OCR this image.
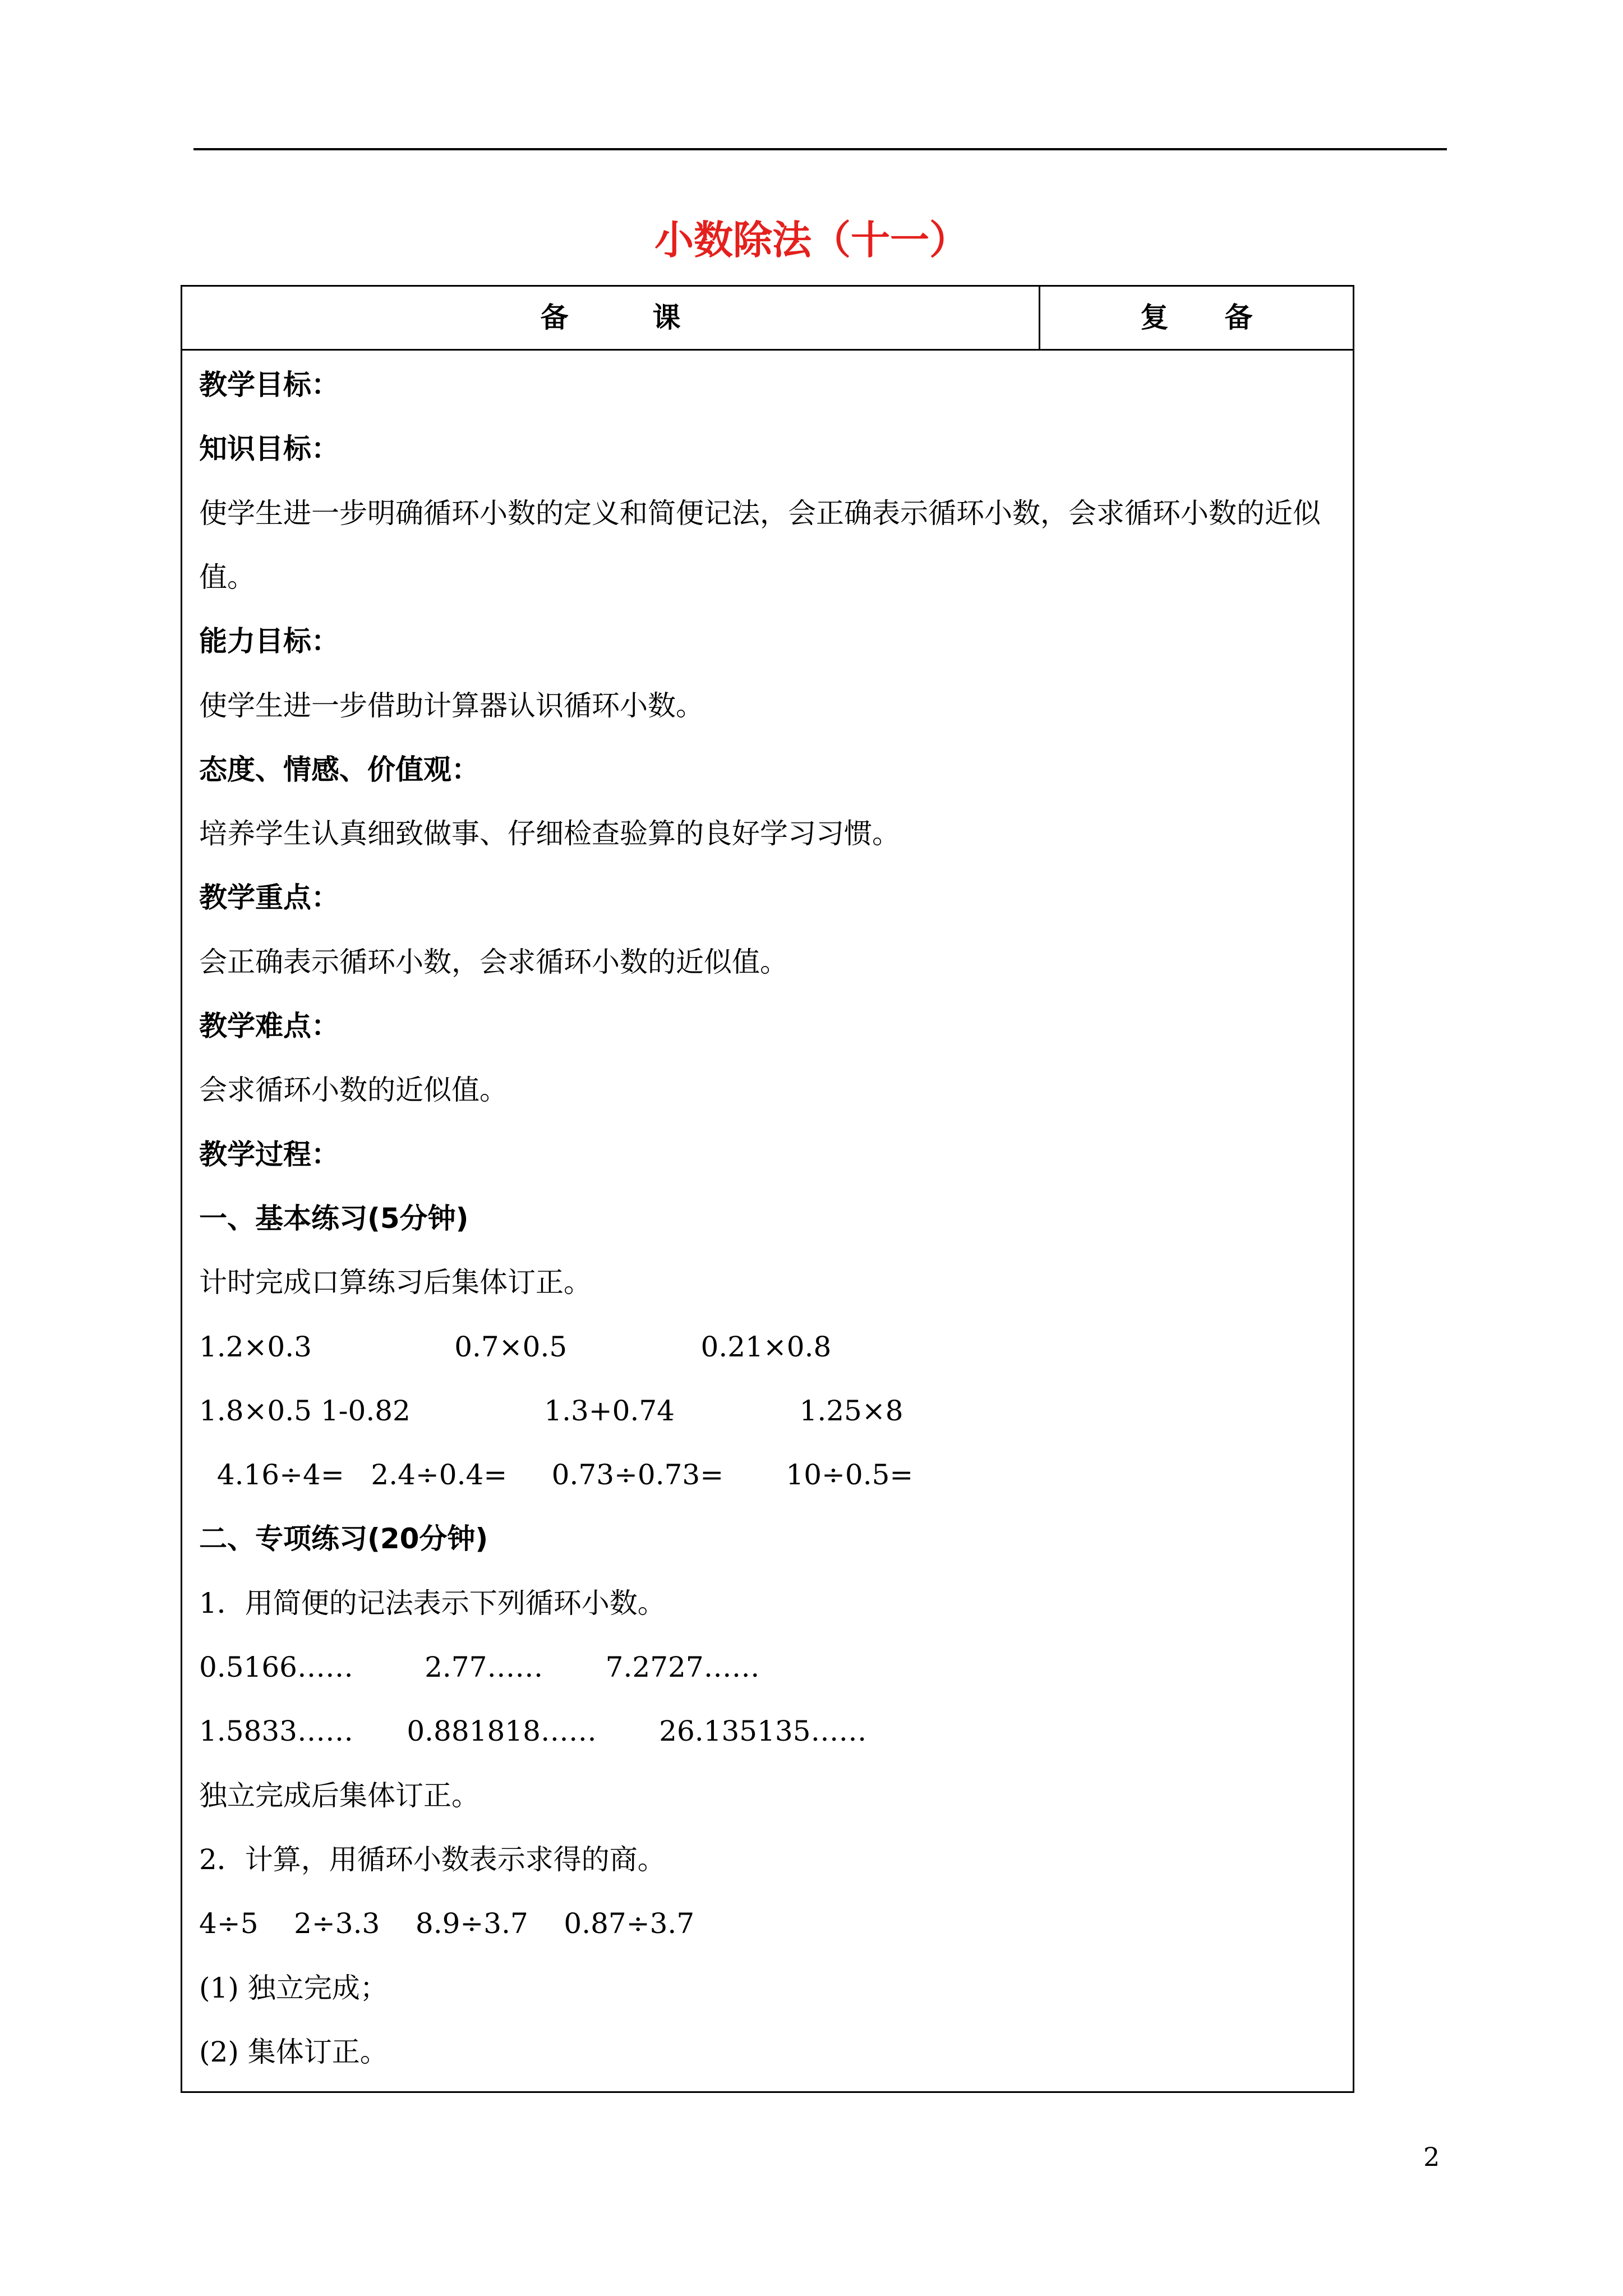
小数除法（十一）
备　　　课	复　　备
教学目标：
知识目标：
使学生进一步明确循环小数的定义和简便记法，会正确表示循环小数，会求循环小数的近似
值。
能力目标：
使学生进一步借助计算器认识循环小数。
态度、情感、价值观：
培养学生认真细致做事、仔细检查验算的良好学习习惯。
教学重点：
会正确表示循环小数，会求循环小数的近似值。
教学难点：
会求循环小数的近似值。
教学过程：
一、基本练习(5分钟)
计时完成口算练习后集体订正。
1.2×0.3                0.7×0.5               0.21×0.8
1.8×0.5 1-0.82               1.3+0.74              1.25×8
4.16÷4=   2.4÷0.4=     0.73÷0.73=       10÷0.5=
二、专项练习(20分钟)
1．用简便的记法表示下列循环小数。
0.5166……        2.77……       7.2727……
1.5833……      0.881818……       26.135135……
独立完成后集体订正。
2．计算，用循环小数表示求得的商。
4÷5    2÷3.3    8.9÷3.7    0.87÷3.7
(1) 独立完成；
(2) 集体订正。
2
